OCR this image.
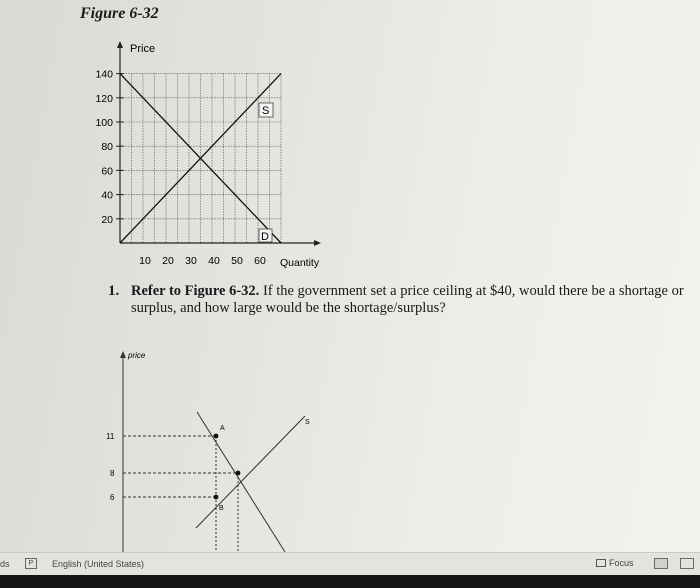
Figure 6-32
140
120
100
80
60
40
20
10 20 30 40 50 60
Price
Quantity
S
D
1. Refer to Figure 6-32. If the government set a price ceiling at $40, would there be a shortage or surplus, and how large would be the shortage/surplus?
price
S
A
B
11
8
6
ds	P	English (United States)	Focus
